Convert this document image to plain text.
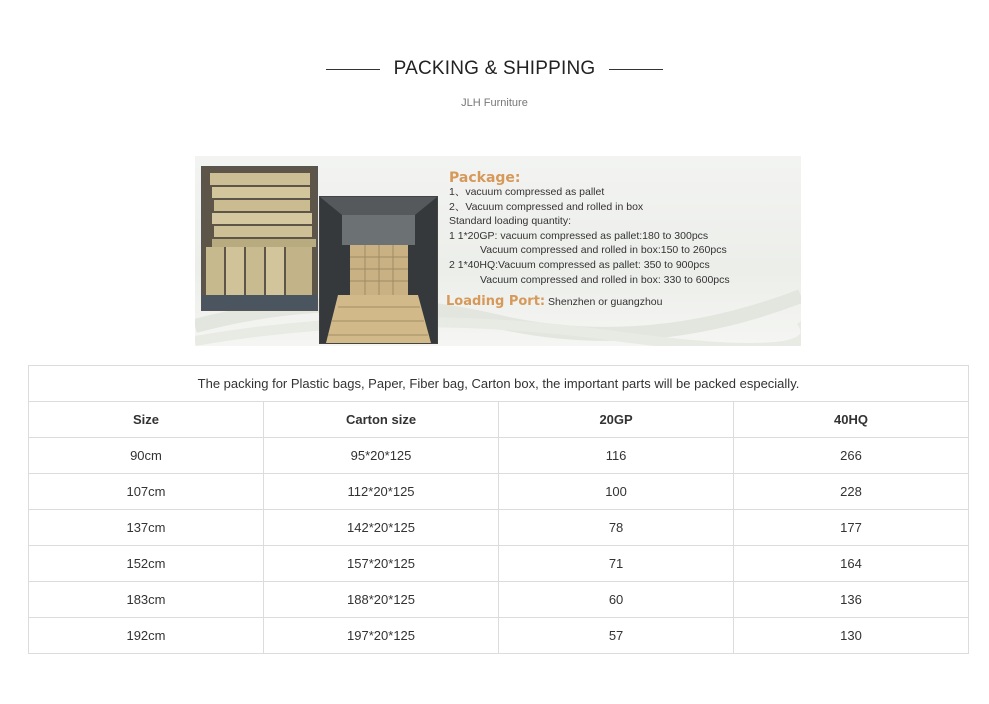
PACKING & SHIPPING
JLH Furniture
Package:
1、vacuum compressed as pallet
2、Vacuum compressed and rolled in box
Standard loading quantity:
1 1*20GP: vacuum compressed as pallet:180 to 300pcs
Vacuum compressed and rolled in box:150 to 260pcs
2 1*40HQ:Vacuum compressed as pallet: 350 to 900pcs
Vacuum compressed and rolled in box: 330 to 600pcs
Loading Port: Shenzhen or guangzhou
The packing for Plastic bags, Paper, Fiber bag, Carton box, the important parts will be packed especially.			
Size	Carton size	20GP	40HQ
90cm	95*20*125	116	266
107cm	112*20*125	100	228
137cm	142*20*125	78	177
152cm	157*20*125	71	164
183cm	188*20*125	60	136
192cm	197*20*125	57	130
